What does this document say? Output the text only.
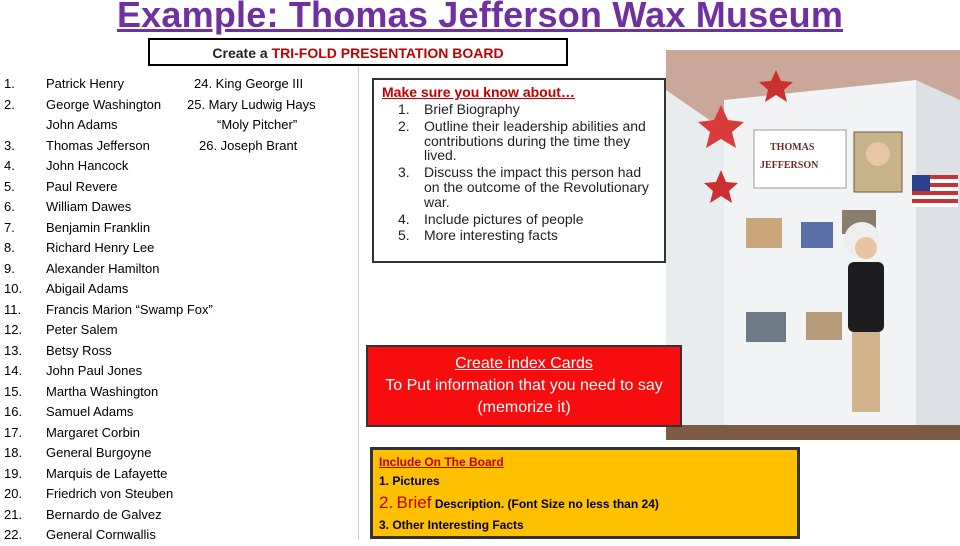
Example: Thomas Jefferson Wax Museum
Create a TRI-FOLD PRESENTATION BOARD
1.	Patrick Henry	24. King George III
2.	George Washington 25. Mary Ludwig Hays
John Adams	“Moly Pitcher”
3.	Thomas Jefferson	26. Joseph Brant
4.	John Hancock
5.	Paul Revere
6.	William Dawes
7.	Benjamin Franklin
8.	Richard Henry Lee
9.	Alexander Hamilton
10.	Abigail Adams
11.	Francis Marion “Swamp Fox”
12.	Peter Salem
13.	Betsy Ross
14.	John Paul Jones
15.	Martha Washington
16.	Samuel Adams
17.	Margaret Corbin
18.	General Burgoyne
19.	Marquis de Lafayette
20.	Friedrich von Steuben
21.	Bernardo de Galvez
22.	General Cornwallis
Make sure you know about…
1. Brief Biography
2. Outline their leadership abilities and contributions during the time they lived.
3. Discuss the impact this person had on the outcome of the Revolutionary war.
4. Include pictures of people
5. More interesting facts
THOMAS
JEFFERSON
Create index Cards
To Put information that you need to say (memorize it)
Include On The Board
1. Pictures
2. Brief Description. (Font Size no less than 24)
3. Other Interesting Facts
